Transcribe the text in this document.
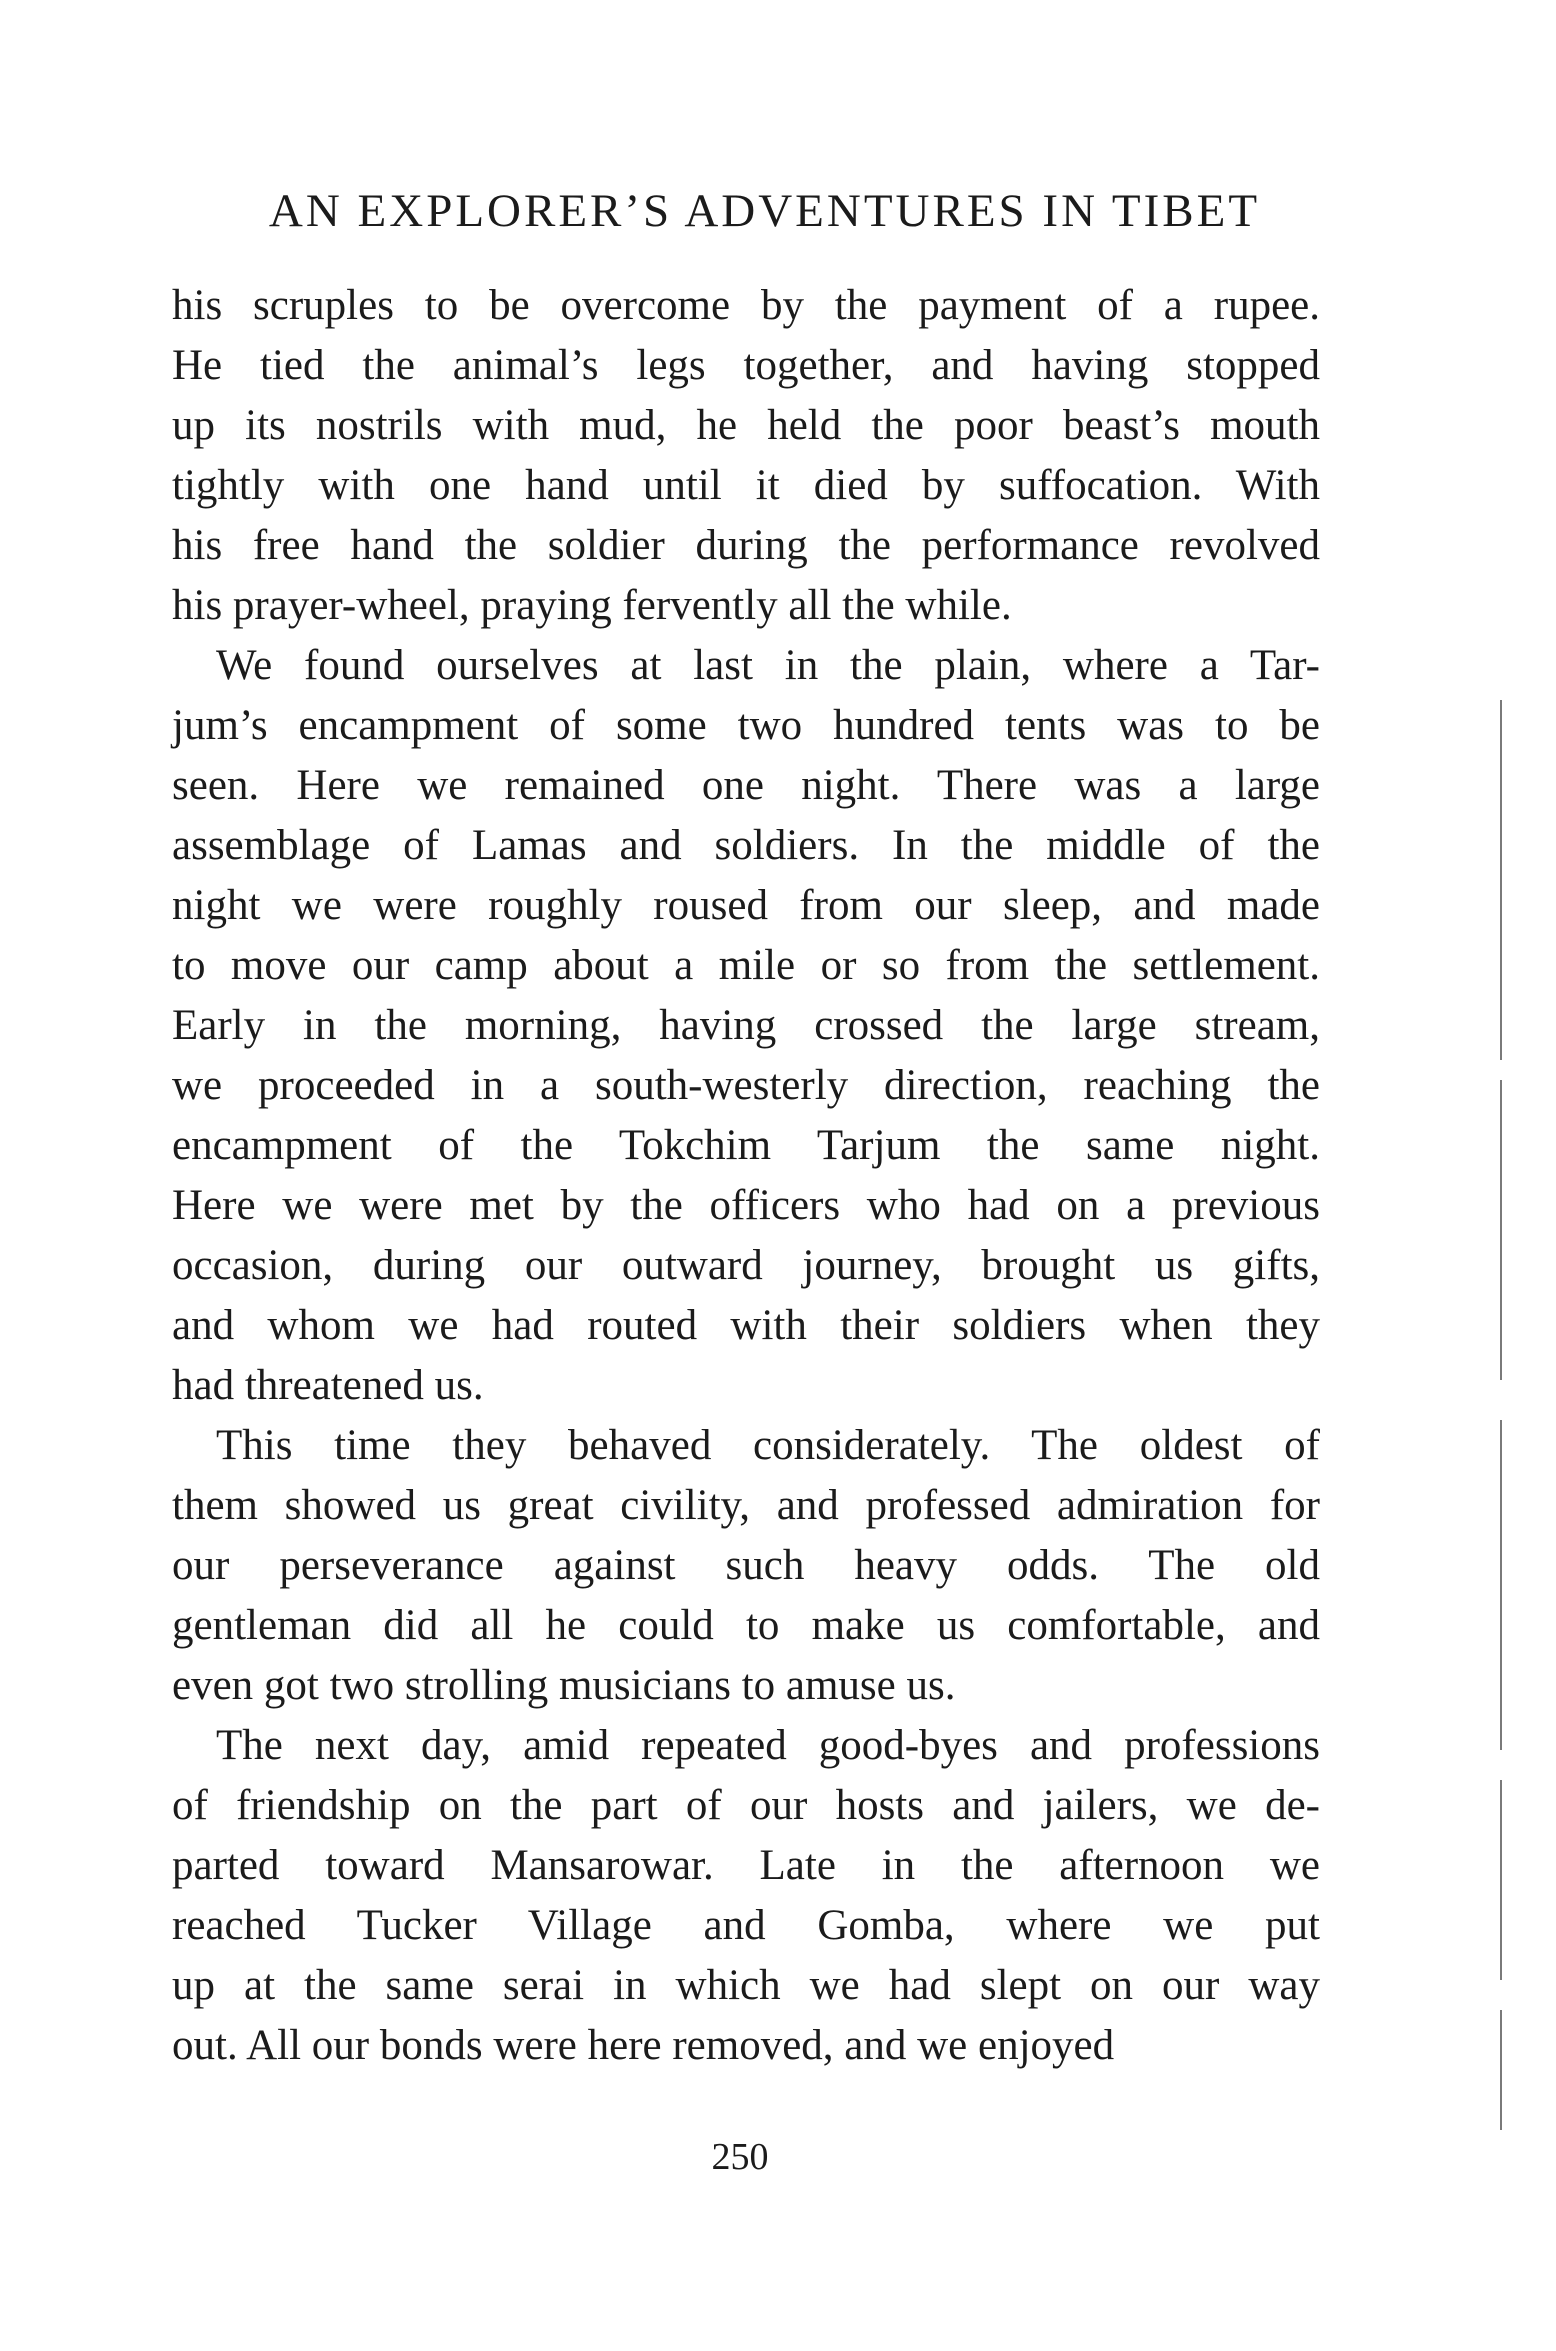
AN EXPLORER’S ADVENTURES IN TIBET
his scruples to be overcome by the payment of a rupee.
He tied the animal’s legs together, and having stopped
up its nostrils with mud, he held the poor beast’s mouth
tightly with one hand until it died by suffocation. With
his free hand the soldier during the performance revolved
his prayer-wheel, praying fervently all the while.
We found ourselves at last in the plain, where a Tar-
jum’s encampment of some two hundred tents was to be
seen. Here we remained one night. There was a large
assemblage of Lamas and soldiers. In the middle of the
night we were roughly roused from our sleep, and made
to move our camp about a mile or so from the settlement.
Early in the morning, having crossed the large stream,
we proceeded in a south-westerly direction, reaching the
encampment of the Tokchim Tarjum the same night.
Here we were met by the officers who had on a previous
occasion, during our outward journey, brought us gifts,
and whom we had routed with their soldiers when they
had threatened us.
This time they behaved considerately. The oldest of
them showed us great civility, and professed admiration for
our perseverance against such heavy odds. The old
gentleman did all he could to make us comfortable, and
even got two strolling musicians to amuse us.
The next day, amid repeated good-byes and professions
of friendship on the part of our hosts and jailers, we de-
parted toward Mansarowar. Late in the afternoon we
reached Tucker Village and Gomba, where we put
up at the same serai in which we had slept on our way
out. All our bonds were here removed, and we enjoyed
250
